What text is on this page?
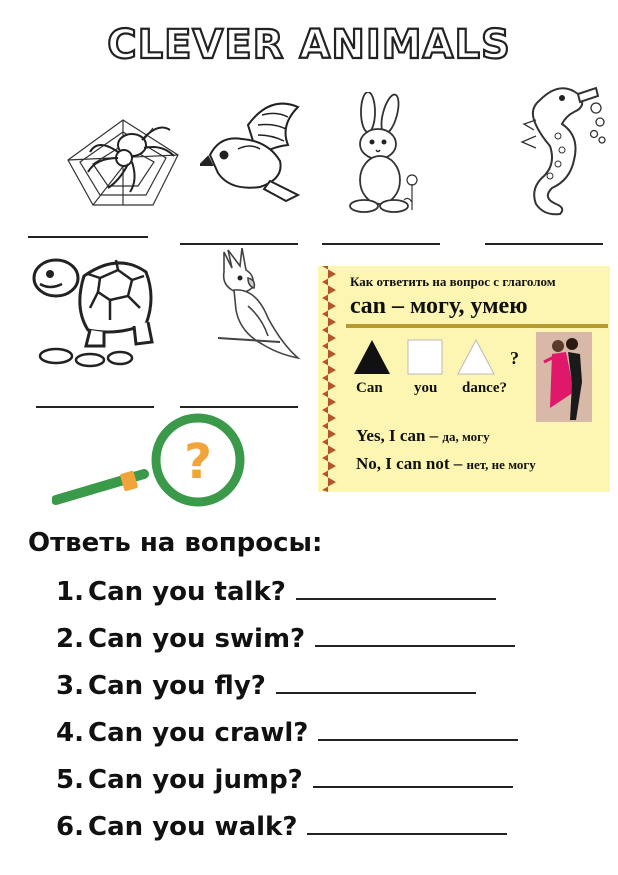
CLEVER ANIMALS
?
Как ответить на вопрос с глаголом
can – могу, умею
?
Can you dance?
Yes, I can – да, могу
No, I can not – нет, не могу
Ответь на вопросы:
1. Can you talk?
2. Can you swim?
3. Can you fly?
4. Can you crawl?
5. Can you jump?
6. Can you walk?
